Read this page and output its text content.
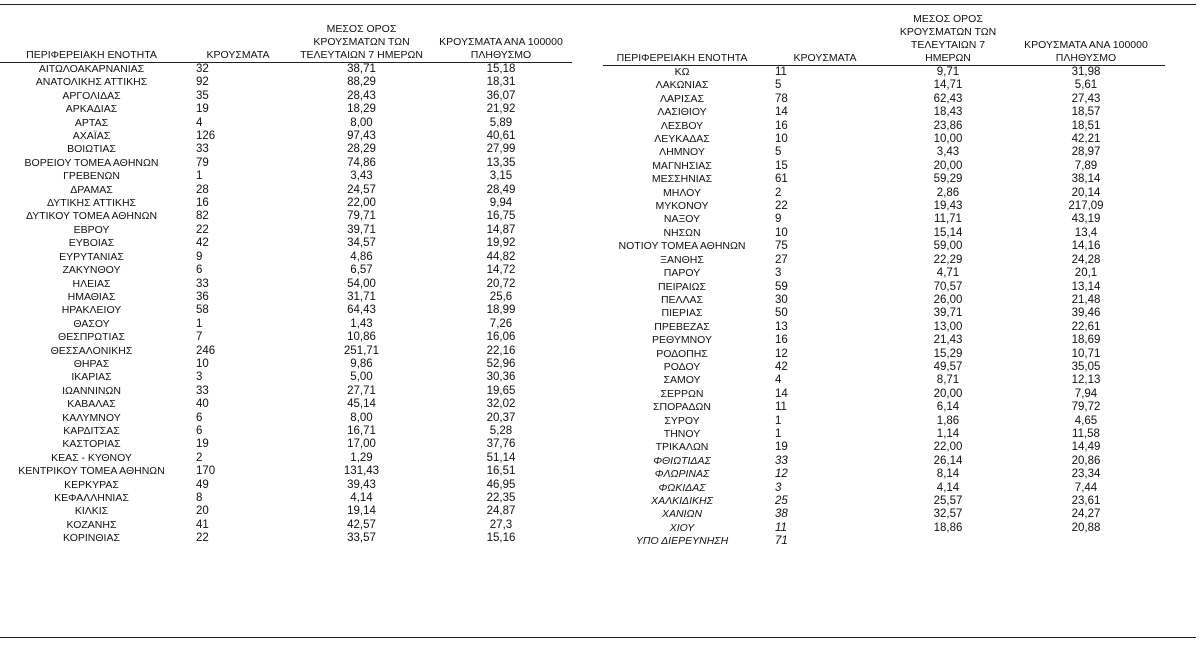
ΠΕΡΙΦΕΡΕΙΑΚΗ ΕΝΟΤΗΤΑ	ΚΡΟΥΣΜΑΤΑ	ΜΕΣΟΣ ΟΡΟΣ
ΚΡΟΥΣΜΑΤΩΝ ΤΩΝ
ΤΕΛΕΥΤΑΙΩΝ 7 ΗΜΕΡΩΝ	ΚΡΟΥΣΜΑΤΑ ΑΝΑ 100000
ΠΛΗΘΥΣΜΟ

ΑΙΤΩΛΟΑΚΑΡΝΑΝΙΑΣ	32	38,71	15,18
ΑΝΑΤΟΛΙΚΗΣ ΑΤΤΙΚΗΣ	92	88,29	18,31
ΑΡΓΟΛΙΔΑΣ	35	28,43	36,07
ΑΡΚΑΔΙΑΣ	19	18,29	21,92
ΑΡΤΑΣ	4	8,00	5,89
ΑΧΑΪΑΣ	126	97,43	40,61
ΒΟΙΩΤΙΑΣ	33	28,29	27,99
ΒΟΡΕΙΟΥ ΤΟΜΕΑ ΑΘΗΝΩΝ	79	74,86	13,35
ΓΡΕΒΕΝΩΝ	1	3,43	3,15
ΔΡΑΜΑΣ	28	24,57	28,49
ΔΥΤΙΚΗΣ ΑΤΤΙΚΗΣ	16	22,00	9,94
ΔΥΤΙΚΟΥ ΤΟΜΕΑ ΑΘΗΝΩΝ	82	79,71	16,75
ΕΒΡΟΥ	22	39,71	14,87
ΕΥΒΟΙΑΣ	42	34,57	19,92
ΕΥΡΥΤΑΝΙΑΣ	9	4,86	44,82
ΖΑΚΥΝΘΟΥ	6	6,57	14,72
ΗΛΕΙΑΣ	33	54,00	20,72
ΗΜΑΘΙΑΣ	36	31,71	25,6
ΗΡΑΚΛΕΙΟΥ	58	64,43	18,99
ΘΑΣΟΥ	1	1,43	7,26
ΘΕΣΠΡΩΤΙΑΣ	7	10,86	16,06
ΘΕΣΣΑΛΟΝΙΚΗΣ	246	251,71	22,16
ΘΗΡΑΣ	10	9,86	52,96
ΙΚΑΡΙΑΣ	3	5,00	30,36
ΙΩΑΝΝΙΝΩΝ	33	27,71	19,65
ΚΑΒΑΛΑΣ	40	45,14	32,02
ΚΑΛΥΜΝΟΥ	6	8,00	20,37
ΚΑΡΔΙΤΣΑΣ	6	16,71	5,28
ΚΑΣΤΟΡΙΑΣ	19	17,00	37,76
ΚΕΑΣ - ΚΥΘΝΟΥ	2	1,29	51,14
ΚΕΝΤΡΙΚΟΥ ΤΟΜΕΑ ΑΘΗΝΩΝ	170	131,43	16,51
ΚΕΡΚΥΡΑΣ	49	39,43	46,95
ΚΕΦΑΛΛΗΝΙΑΣ	8	4,14	22,35
ΚΙΛΚΙΣ	20	19,14	24,87
ΚΟΖΑΝΗΣ	41	42,57	27,3
ΚΟΡΙΝΘΙΑΣ	22	33,57	15,16
ΠΕΡΙΦΕΡΕΙΑΚΗ ΕΝΟΤΗΤΑ	ΚΡΟΥΣΜΑΤΑ	ΜΕΣΟΣ ΟΡΟΣ
ΚΡΟΥΣΜΑΤΩΝ ΤΩΝ
ΤΕΛΕΥΤΑΙΩΝ 7 ΗΜΕΡΩΝ	ΚΡΟΥΣΜΑΤΑ ΑΝΑ 100000
ΠΛΗΘΥΣΜΟ

ΚΩ	11	9,71	31,98
ΛΑΚΩΝΙΑΣ	5	14,71	5,61
ΛΑΡΙΣΑΣ	78	62,43	27,43
ΛΑΣΙΘΙΟΥ	14	18,43	18,57
ΛΕΣΒΟΥ	16	23,86	18,51
ΛΕΥΚΑΔΑΣ	10	10,00	42,21
ΛΗΜΝΟΥ	5	3,43	28,97
ΜΑΓΝΗΣΙΑΣ	15	20,00	7,89
ΜΕΣΣΗΝΙΑΣ	61	59,29	38,14
ΜΗΛΟΥ	2	2,86	20,14
ΜΥΚΟΝΟΥ	22	19,43	217,09
ΝΑΞΟΥ	9	11,71	43,19
ΝΗΣΩΝ	10	15,14	13,4
ΝΟΤΙΟΥ ΤΟΜΕΑ ΑΘΗΝΩΝ	75	59,00	14,16
ΞΑΝΘΗΣ	27	22,29	24,28
ΠΑΡΟΥ	3	4,71	20,1
ΠΕΙΡΑΙΩΣ	59	70,57	13,14
ΠΕΛΛΑΣ	30	26,00	21,48
ΠΙΕΡΙΑΣ	50	39,71	39,46
ΠΡΕΒΕΖΑΣ	13	13,00	22,61
ΡΕΘΥΜΝΟΥ	16	21,43	18,69
ΡΟΔΟΠΗΣ	12	15,29	10,71
ΡΟΔΟΥ	42	49,57	35,05
ΣΑΜΟΥ	4	8,71	12,13
ΣΕΡΡΩΝ	14	20,00	7,94
ΣΠΟΡΑΔΩΝ	11	6,14	79,72
ΣΥΡΟΥ	1	1,86	4,65
ΤΗΝΟΥ	1	1,14	11,58
ΤΡΙΚΑΛΩΝ	19	22,00	14,49
ΦΘΙΩΤΙΔΑΣ	33	26,14	20,86
ΦΛΩΡΙΝΑΣ	12	8,14	23,34
ΦΩΚΙΔΑΣ	3	4,14	7,44
ΧΑΛΚΙΔΙΚΗΣ	25	25,57	23,61
ΧΑΝΙΩΝ	38	32,57	24,27
ΧΙΟΥ	11	18,86	20,88
ΥΠΟ ΔΙΕΡΕΥΝΗΣΗ	71		
